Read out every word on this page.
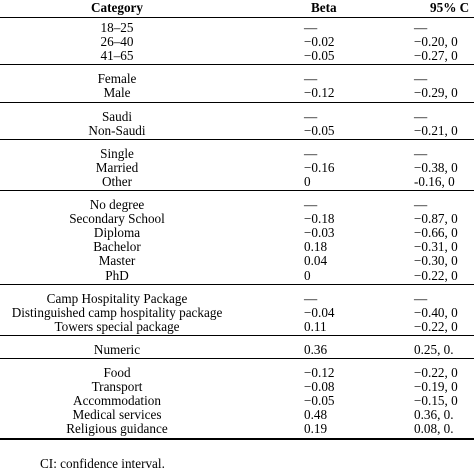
Category	Beta	95% C
18–25	—	—
26–40	−0.02	−0.20, 0
41–65	−0.05	−0.27, 0
Female	—	—
Male	−0.12	−0.29, 0
Saudi	—	—
Non-Saudi	−0.05	−0.21, 0
Single	—	—
Married	−0.16	−0.38, 0
Other	0	-0.16, 0
No degree	—	—
Secondary School	−0.18	−0.87, 0
Diploma	−0.03	−0.66, 0
Bachelor	0.18	−0.31, 0
Master	0.04	−0.30, 0
PhD	0	−0.22, 0
Camp Hospitality Package	—	—
Distinguished camp hospitality package	−0.04	−0.40, 0
Towers special package	0.11	−0.22, 0
Numeric	0.36	0.25, 0.
Food	−0.12	−0.22, 0
Transport	−0.08	−0.19, 0
Accommodation	−0.05	−0.15, 0
Medical services	0.48	0.36, 0.
Religious guidance	0.19	0.08, 0.
CI: confidence interval.
